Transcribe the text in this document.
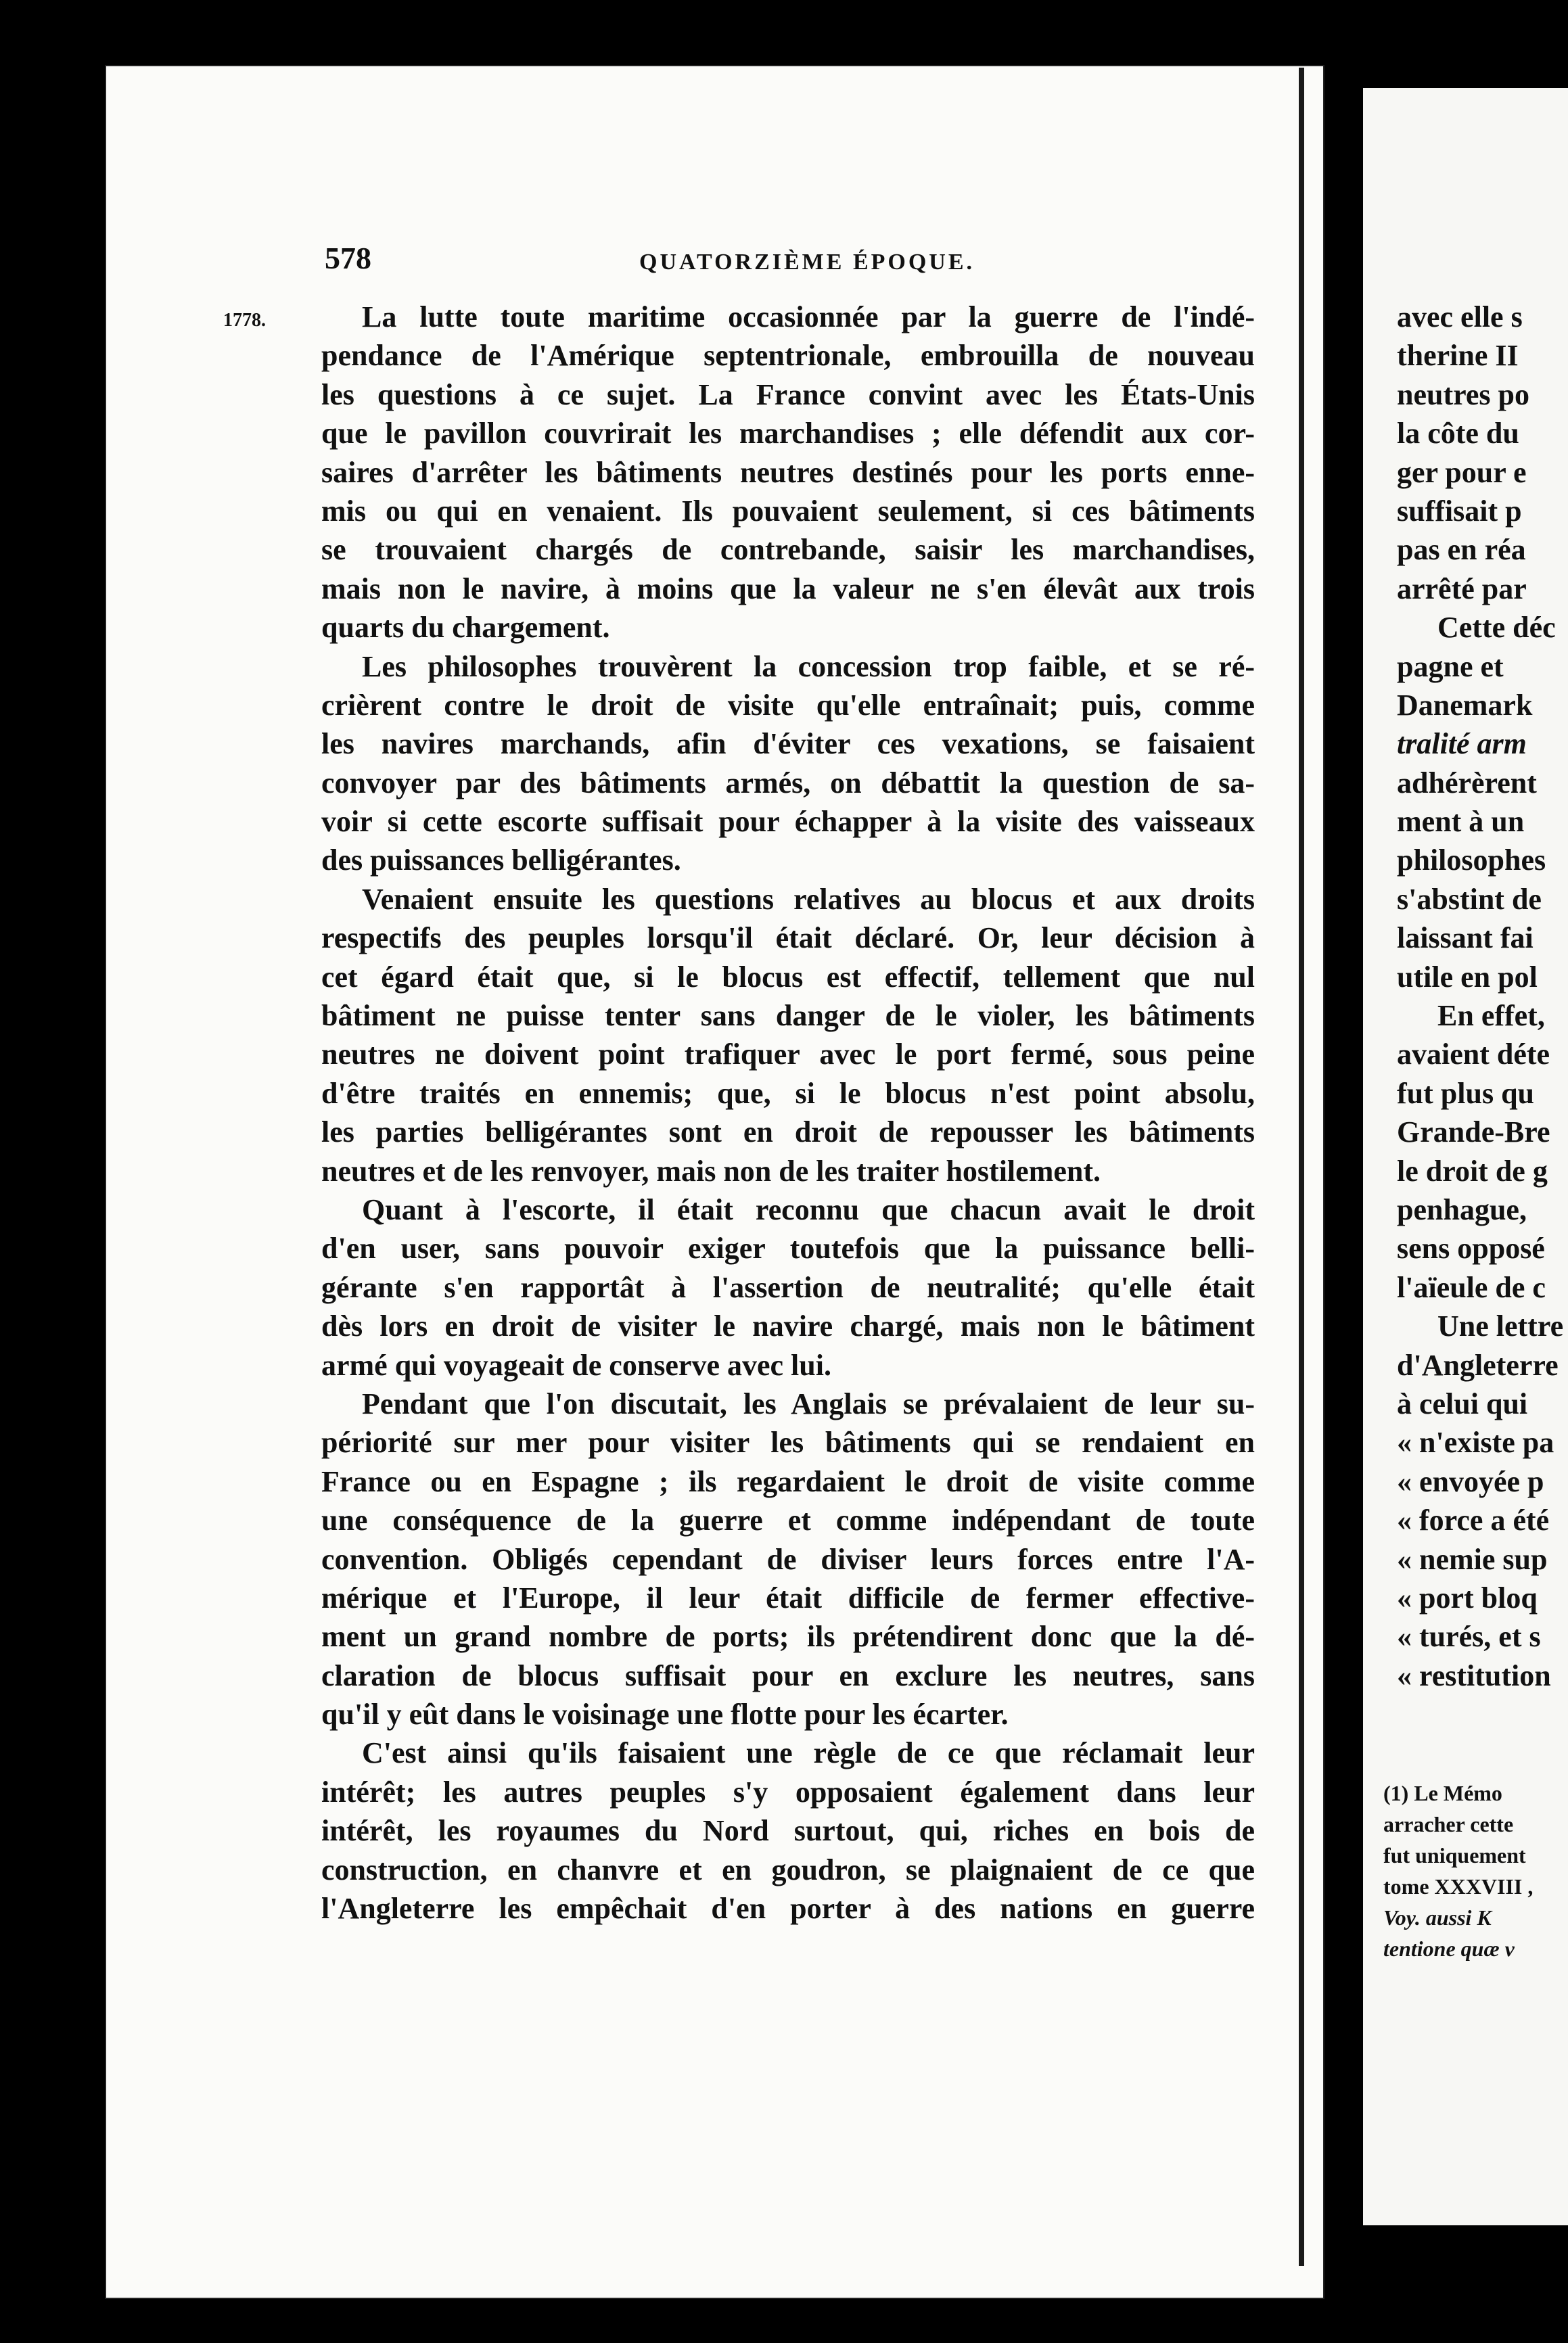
578	QUATORZIÈME ÉPOQUE.
1778.	La lutte toute maritime occasionnée par la guerre de l'indé-
pendance de l'Amérique septentrionale, embrouilla de nouveau
les questions à ce sujet. La France convint avec les États-Unis
que le pavillon couvrirait les marchandises ; elle défendit aux cor-
saires d'arrêter les bâtiments neutres destinés pour les ports enne-
mis ou qui en venaient. Ils pouvaient seulement, si ces bâtiments
se trouvaient chargés de contrebande, saisir les marchandises,
mais non le navire, à moins que la valeur ne s'en élevât aux trois
quarts du chargement.
Les philosophes trouvèrent la concession trop faible, et se ré-
crièrent contre le droit de visite qu'elle entraînait; puis, comme
les navires marchands, afin d'éviter ces vexations, se faisaient
convoyer par des bâtiments armés, on débattit la question de sa-
voir si cette escorte suffisait pour échapper à la visite des vaisseaux
des puissances belligérantes.
Venaient ensuite les questions relatives au blocus et aux droits
respectifs des peuples lorsqu'il était déclaré. Or, leur décision à
cet égard était que, si le blocus est effectif, tellement que nul
bâtiment ne puisse tenter sans danger de le violer, les bâtiments
neutres ne doivent point trafiquer avec le port fermé, sous peine
d'être traités en ennemis; que, si le blocus n'est point absolu,
les parties belligérantes sont en droit de repousser les bâtiments
neutres et de les renvoyer, mais non de les traiter hostilement.
Quant à l'escorte, il était reconnu que chacun avait le droit
d'en user, sans pouvoir exiger toutefois que la puissance belli-
gérante s'en rapportât à l'assertion de neutralité; qu'elle était
dès lors en droit de visiter le navire chargé, mais non le bâtiment
armé qui voyageait de conserve avec lui.
Pendant que l'on discutait, les Anglais se prévalaient de leur su-
périorité sur mer pour visiter les bâtiments qui se rendaient en
France ou en Espagne ; ils regardaient le droit de visite comme
une conséquence de la guerre et comme indépendant de toute
convention. Obligés cependant de diviser leurs forces entre l'A-
mérique et l'Europe, il leur était difficile de fermer effective-
ment un grand nombre de ports; ils prétendirent donc que la dé-
claration de blocus suffisait pour en exclure les neutres, sans
qu'il y eût dans le voisinage une flotte pour les écarter.
C'est ainsi qu'ils faisaient une règle de ce que réclamait leur
intérêt; les autres peuples s'y opposaient également dans leur
intérêt, les royaumes du Nord surtout, qui, riches en bois de
construction, en chanvre et en goudron, se plaignaient de ce que
l'Angleterre les empêchait d'en porter à des nations en guerre
avec elle s
therine II
neutres po
la côte du
ger pour e
suffisait p
pas en réa
arrêté par
Cette déc
pagne et
Danemark
tralité arm
adhérèrent
ment à un
philosophes
s'abstint de
laissant fai
utile en pol
En effet,
avaient déte
fut plus qu
Grande-Bre
le droit de g
penhague,
sens opposé
l'aïeule de c
Une lettre
d'Angleterre
à celui qui
« n'existe pa
« envoyée p
« force a été
« nemie sup
« port bloq
« turés, et s
« restitution
(1) Le Mémo
arracher cette
fut uniquement
tome XXXVIII ,
Voy. aussi K
tentione quæ v
